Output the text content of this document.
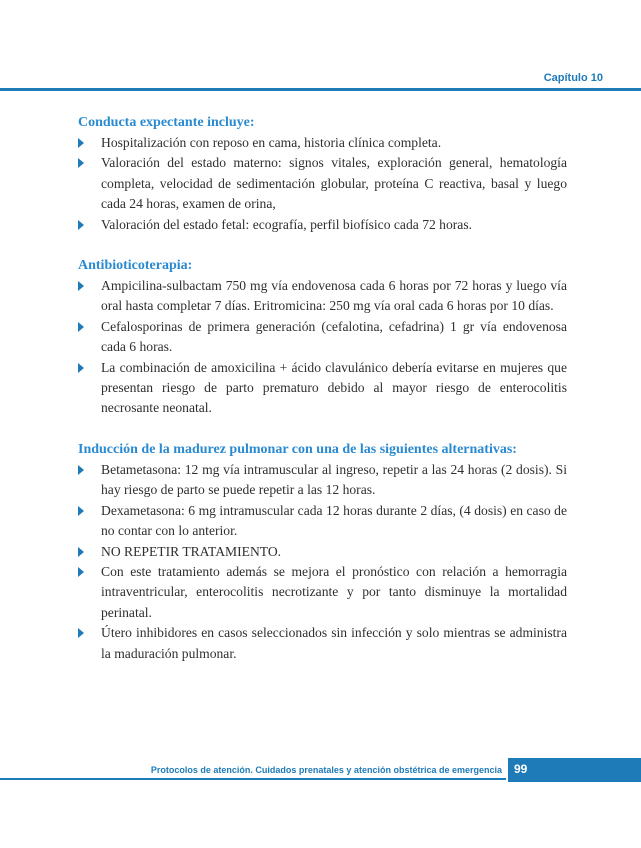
Capítulo 10
Conducta expectante incluye:
Hospitalización con reposo en cama, historia clínica completa.
Valoración del estado materno: signos vitales, exploración general, hematología completa, velocidad de sedimentación globular, proteína C reactiva, basal y luego cada 24 horas, examen de orina,
Valoración del estado fetal: ecografía, perfil biofísico cada 72 horas.
Antibioticoterapia:
Ampicilina-sulbactam 750 mg vía endovenosa cada 6 horas por 72 horas y luego vía oral hasta completar 7 días. Eritromicina: 250 mg vía oral cada 6 horas por 10 días.
Cefalosporinas de primera generación (cefalotina, cefadrina) 1 gr vía endovenosa cada 6 horas.
La combinación de amoxicilina + ácido clavulánico debería evitarse en mujeres que presentan riesgo de parto prematuro debido al mayor riesgo de enterocolitis necrosante neonatal.
Inducción de la madurez pulmonar con una de las siguientes alternativas:
Betametasona: 12 mg vía intramuscular al ingreso, repetir a las 24 horas (2 dosis). Si hay riesgo de parto se puede repetir a las 12 horas.
Dexametasona: 6 mg intramuscular cada 12 horas durante 2 días, (4 dosis) en caso de no contar con lo anterior.
NO REPETIR TRATAMIENTO.
Con este tratamiento además se mejora el pronóstico con relación a hemorragia intraventricular, enterocolitis necrotizante y por tanto disminuye la mortalidad perinatal.
Útero inhibidores en casos seleccionados sin infección y solo mientras se administra la maduración pulmonar.
Protocolos de atención. Cuidados prenatales y atención obstétrica de emergencia 99
